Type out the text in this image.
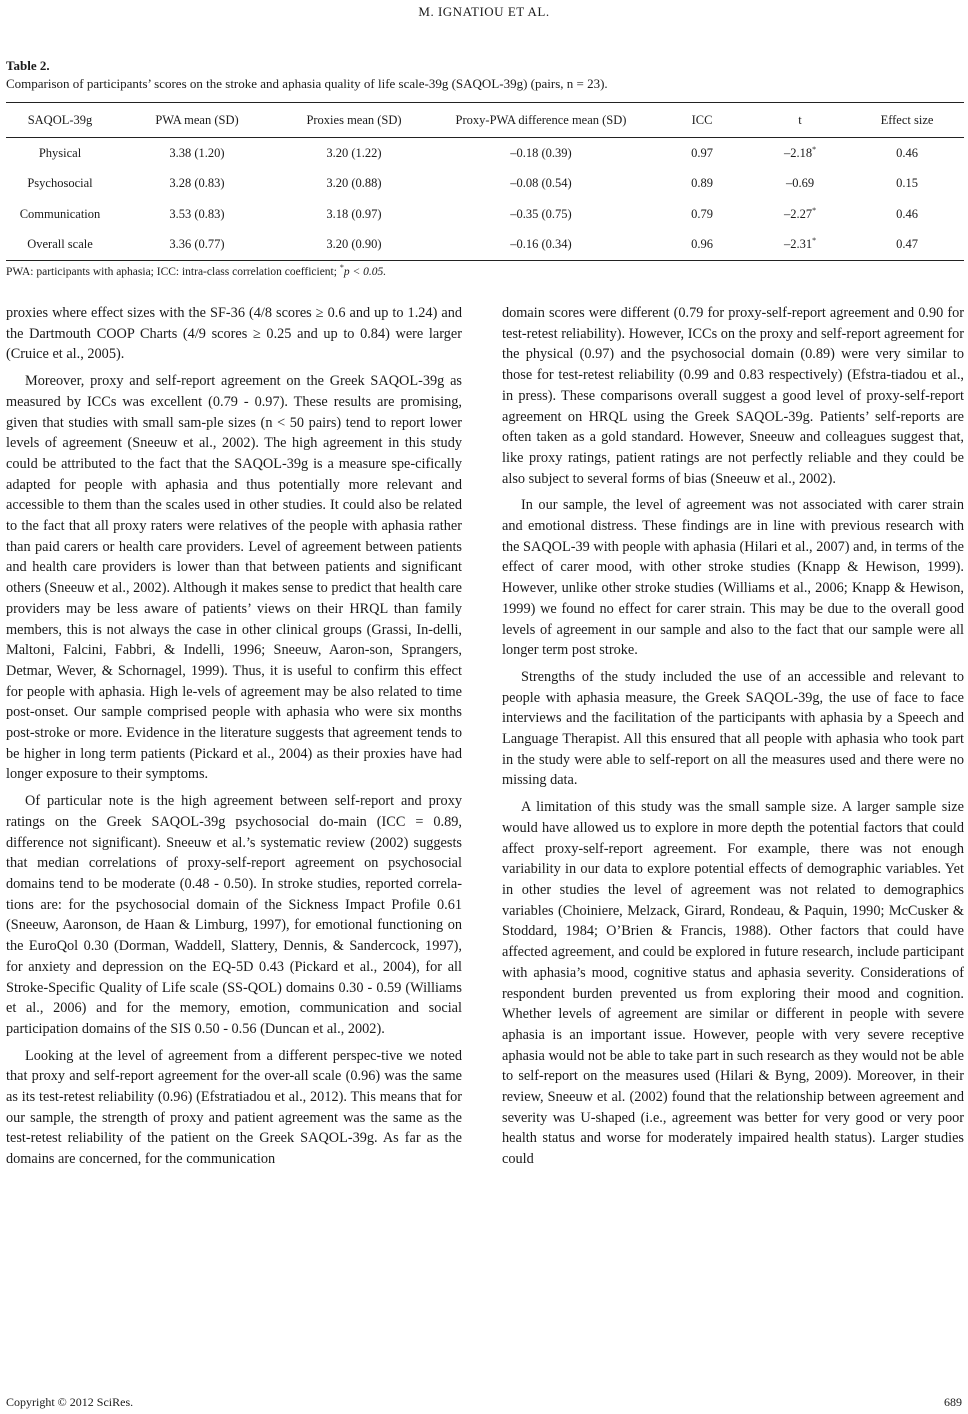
M. IGNATIOU ET AL.
Table 2.
Comparison of participants’ scores on the stroke and aphasia quality of life scale-39g (SAQOL-39g) (pairs, n = 23).
SAQOL-39g	PWA mean (SD)	Proxies mean (SD)	Proxy-PWA difference mean (SD)	ICC	t	Effect size
Physical	3.38 (1.20)	3.20 (1.22)	–0.18 (0.39)	0.97	–2.18*	0.46
Psychosocial	3.28 (0.83)	3.20 (0.88)	–0.08 (0.54)	0.89	–0.69	0.15
Communication	3.53 (0.83)	3.18 (0.97)	–0.35 (0.75)	0.79	–2.27*	0.46
Overall scale	3.36 (0.77)	3.20 (0.90)	–0.16 (0.34)	0.96	–2.31*	0.47
PWA: participants with aphasia; ICC: intra-class correlation coefficient; *p < 0.05.

proxies where effect sizes with the SF-36 (4/8 scores ≥ 0.6 and up to 1.24) and the Dartmouth COOP Charts (4/9 scores ≥ 0.25 and up to 0.84) were larger (Cruice et al., 2005).

Moreover, proxy and self-report agreement on the Greek SAQOL-39g as measured by ICCs was excellent (0.79 - 0.97). These results are promising, given that studies with small sam-ple sizes (n < 50 pairs) tend to report lower levels of agreement (Sneeuw et al., 2002). The high agreement in this study could be attributed to the fact that the SAQOL-39g is a measure spe-cifically adapted for people with aphasia and thus potentially more relevant and accessible to them than the scales used in other studies. It could also be related to the fact that all proxy raters were relatives of the people with aphasia rather than paid carers or health care providers. Level of agreement between patients and health care providers is lower than that between patients and significant others (Sneeuw et al., 2002). Although it makes sense to predict that health care providers may be less aware of patients’ views on their HRQL than family members, this is not always the case in other clinical groups (Grassi, In-delli, Maltoni, Falcini, Fabbri, & Indelli, 1996; Sneeuw, Aaron-son, Sprangers, Detmar, Wever, & Schornagel, 1999). Thus, it is useful to confirm this effect for people with aphasia. High le-vels of agreement may be also related to time post-onset. Our sample comprised people with aphasia who were six months post-stroke or more. Evidence in the literature suggests that agreement tends to be higher in long term patients (Pickard et al., 2004) as their proxies have had longer exposure to their symptoms.

Of particular note is the high agreement between self-report and proxy ratings on the Greek SAQOL-39g psychosocial do-main (ICC = 0.89, difference not significant). Sneeuw et al.’s systematic review (2002) suggests that median correlations of proxy-self-report agreement on psychosocial domains tend to be moderate (0.48 - 0.50). In stroke studies, reported correla-tions are: for the psychosocial domain of the Sickness Impact Profile 0.61 (Sneeuw, Aaronson, de Haan & Limburg, 1997), for emotional functioning on the EuroQol 0.30 (Dorman, Waddell, Slattery, Dennis, & Sandercock, 1997), for anxiety and depression on the EQ-5D 0.43 (Pickard et al., 2004), for all Stroke-Specific Quality of Life scale (SS-QOL) domains 0.30 - 0.59 (Williams et al., 2006) and for the memory, emotion, communication and social participation domains of the SIS 0.50 - 0.56 (Duncan et al., 2002).

Looking at the level of agreement from a different perspec-tive we noted that proxy and self-report agreement for the over-all scale (0.96) was the same as its test-retest reliability (0.96) (Efstratiadou et al., 2012). This means that for our sample, the strength of proxy and patient agreement was the same as the test-retest reliability of the patient on the Greek SAQOL-39g. As far as the domains are concerned, for the communication

domain scores were different (0.79 for proxy-self-report agreement and 0.90 for test-retest reliability). However, ICCs on the proxy and self-report agreement for the physical (0.97) and the psychosocial domain (0.89) were very similar to those for test-retest reliability (0.99 and 0.83 respectively) (Efstra-tiadou et al., in press). These comparisons overall suggest a good level of proxy-self-report agreement on HRQL using the Greek SAQOL-39g. Patients’ self-reports are often taken as a gold standard. However, Sneeuw and colleagues suggest that, like proxy ratings, patient ratings are not perfectly reliable and they could be also subject to several forms of bias (Sneeuw et al., 2002).

In our sample, the level of agreement was not associated with carer strain and emotional distress. These findings are in line with previous research with the SAQOL-39 with people with aphasia (Hilari et al., 2007) and, in terms of the effect of carer mood, with other stroke studies (Knapp & Hewison, 1999). However, unlike other stroke studies (Williams et al., 2006; Knapp & Hewison, 1999) we found no effect for carer strain. This may be due to the overall good levels of agreement in our sample and also to the fact that our sample were all longer term post stroke.

Strengths of the study included the use of an accessible and relevant to people with aphasia measure, the Greek SAQOL-39g, the use of face to face interviews and the facilitation of the participants with aphasia by a Speech and Language Therapist. All this ensured that all people with aphasia who took part in the study were able to self-report on all the measures used and there were no missing data.

A limitation of this study was the small sample size. A larger sample size would have allowed us to explore in more depth the potential factors that could affect proxy-self-report agreement. For example, there was not enough variability in our data to explore potential effects of demographic variables. Yet in other studies the level of agreement was not related to demographics variables (Choiniere, Melzack, Girard, Rondeau, & Paquin, 1990; McCusker & Stoddard, 1984; O’Brien & Francis, 1988). Other factors that could have affected agreement, and could be explored in future research, include participant with aphasia’s mood, cognitive status and aphasia severity. Considerations of respondent burden prevented us from exploring their mood and cognition. Whether levels of agreement are similar or different in people with severe aphasia is an important issue. However, people with very severe receptive aphasia would not be able to take part in such research as they would not be able to self-report on the measures used (Hilari & Byng, 2009). Moreover, in their review, Sneeuw et al. (2002) found that the relationship between agreement and severity was U-shaped (i.e., agreement was better for very good or very poor health status and worse for moderately impaired health status). Larger studies could

Copyright © 2012 SciRes.	689
